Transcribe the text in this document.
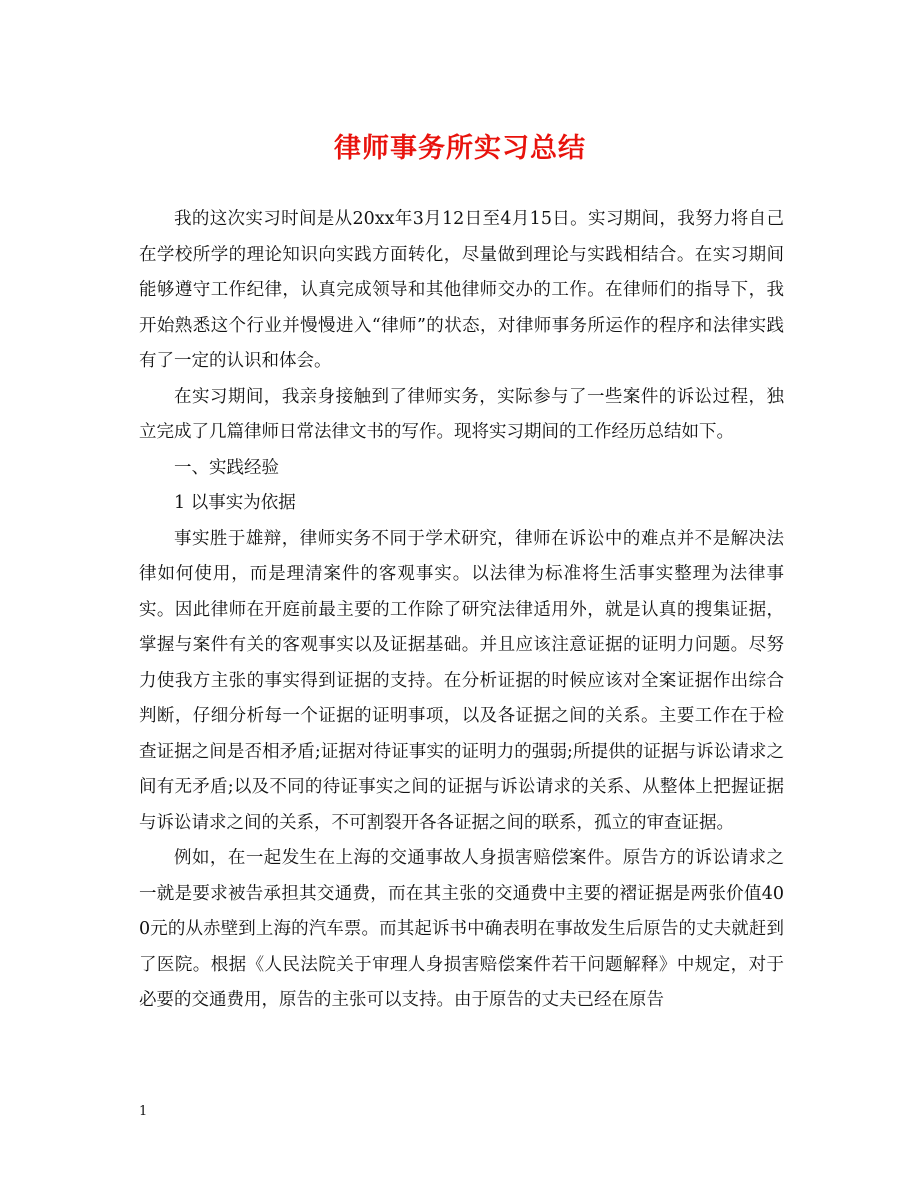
律师事务所实习总结

我的这次实习时间是从20xx年3月12日至4月15日。实习期间，我努力将自己在学校所学的理论知识向实践方面转化，尽量做到理论与实践相结合。在实习期间能够遵守工作纪律，认真完成领导和其他律师交办的工作。在律师们的指导下，我开始熟悉这个行业并慢慢进入“律师”的状态，对律师事务所运作的程序和法律实践有了一定的认识和体会。

在实习期间，我亲身接触到了律师实务，实际参与了一些案件的诉讼过程，独立完成了几篇律师日常法律文书的写作。现将实习期间的工作经历总结如下。

一、实践经验

1 以事实为依据

事实胜于雄辩，律师实务不同于学术研究，律师在诉讼中的难点并不是解决法律如何使用，而是理清案件的客观事实。以法律为标准将生活事实整理为法律事实。因此律师在开庭前最主要的工作除了研究法律适用外，就是认真的搜集证据，掌握与案件有关的客观事实以及证据基础。并且应该注意证据的证明力问题。尽努力使我方主张的事实得到证据的支持。在分析证据的时候应该对全案证据作出综合判断，仔细分析每一个证据的证明事项，以及各证据之间的关系。主要工作在于检查证据之间是否相矛盾;证据对待证事实的证明力的强弱;所提供的证据与诉讼请求之间有无矛盾;以及不同的待证事实之间的证据与诉讼请求的关系、从整体上把握证据与诉讼请求之间的关系，不可割裂开各各证据之间的联系，孤立的审查证据。

例如，在一起发生在上海的交通事故人身损害赔偿案件。原告方的诉讼请求之一就是要求被告承担其交通费，而在其主张的交通费中主要的褶证据是两张价值400元的从赤壁到上海的汽车票。而其起诉书中确表明在事故发生后原告的丈夫就赶到了医院。根据《人民法院关于审理人身损害赔偿案件若干问题解释》中规定，对于必要的交通费用，原告的主张可以支持。由于原告的丈夫已经在原告

1
